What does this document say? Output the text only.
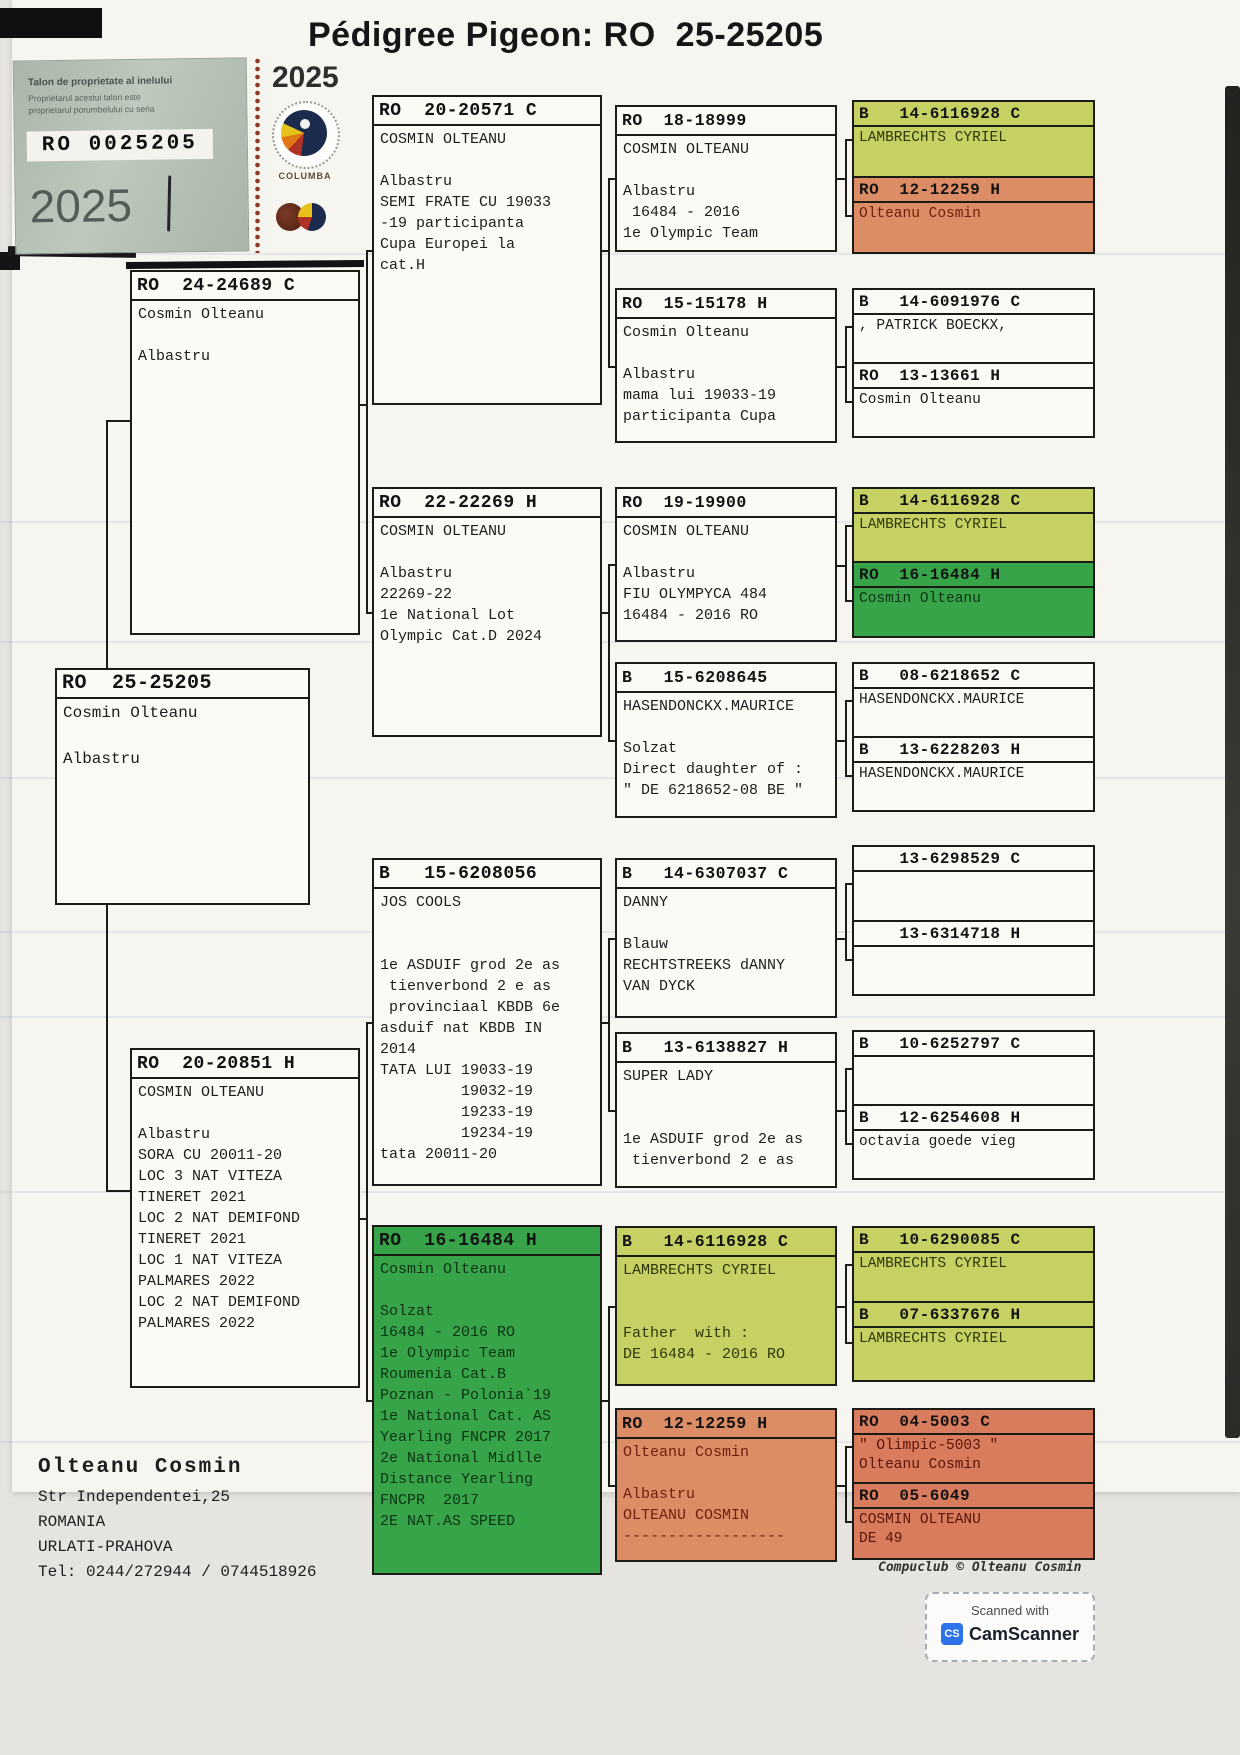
Pédigree Pigeon: RO  25-25205
Talon de proprietate al inelului
Proprietarul acestui talon este
proprietarul porumbelului cu seria
RO 0025205
2025
2025
COLUMBA
RO  25-25205
Cosmin Olteanu

Albastru
RO  24-24689 C
Cosmin Olteanu

Albastru
RO  20-20851 H
COSMIN OLTEANU

Albastru
SORA CU 20011-20
LOC 3 NAT VITEZA
TINERET 2021
LOC 2 NAT DEMIFOND
TINERET 2021
LOC 1 NAT VITEZA
PALMARES 2022
LOC 2 NAT DEMIFOND
PALMARES 2022
RO  20-20571 C
COSMIN OLTEANU

Albastru
SEMI FRATE CU 19033
-19 participanta
Cupa Europei la
cat.H
RO  22-22269 H
COSMIN OLTEANU

Albastru
22269-22
1e National Lot
Olympic Cat.D 2024
B   15-6208056
JOS COOLS

1e ASDUIF grod 2e as
tienverbond 2 e as
provinciaal KBDB 6e
asduif nat KBDB IN
2014
TATA LUI 19033-19
19032-19
19233-19
19234-19
tata 20011-20
RO  16-16484 H
Cosmin Olteanu

Solzat
16484 - 2016 RO
1e Olympic Team
Roumenia Cat.B
Poznan - Polonia`19
1e National Cat. AS
Yearling FNCPR 2017
2e National Midlle
Distance Yearling
FNCPR  2017
2E NAT.AS SPEED
RO  18-18999
COSMIN OLTEANU

Albastru
16484 - 2016
1e Olympic Team
RO  15-15178 H
Cosmin Olteanu

Albastru
mama lui 19033-19
participanta Cupa
RO  19-19900
COSMIN OLTEANU

Albastru
FIU OLYMPYCA 484
16484 - 2016 RO
B   15-6208645
HASENDONCKX.MAURICE

Solzat
Direct daughter of :
" DE 6218652-08 BE "
B   14-6307037 C
DANNY

Blauw
RECHTSTREEKS dANNY
VAN DYCK
B   13-6138827 H
SUPER LADY

1e ASDUIF grod 2e as
tienverbond 2 e as
B   14-6116928 C
LAMBRECHTS CYRIEL

Father  with :
DE 16484 - 2016 RO
RO  12-12259 H
Olteanu Cosmin

Albastru
OLTEANU COSMIN
------------------
B   14-6116928 C
LAMBRECHTS CYRIEL
RO  12-12259 H
Olteanu Cosmin
B   14-6091976 C
, PATRICK BOECKX,
RO  13-13661 H
Cosmin Olteanu
B   14-6116928 C
LAMBRECHTS CYRIEL
RO  16-16484 H
Cosmin Olteanu
B   08-6218652 C
HASENDONCKX.MAURICE
B   13-6228203 H
HASENDONCKX.MAURICE
13-6298529 C
13-6314718 H
B   10-6252797 C
B   12-6254608 H
octavia goede vieg
B   10-6290085 C
LAMBRECHTS CYRIEL
B   07-6337676 H
LAMBRECHTS CYRIEL
RO  04-5003 C
" Olimpic-5003 "
Olteanu Cosmin
RO  05-6049
COSMIN OLTEANU
DE 49
Olteanu Cosmin
Str Independentei,25
ROMANIA
URLATI-PRAHOVA
Tel: 0244/272944 / 0744518926	Compuclub © Olteanu Cosmin
Scanned with
CS CamScanner
